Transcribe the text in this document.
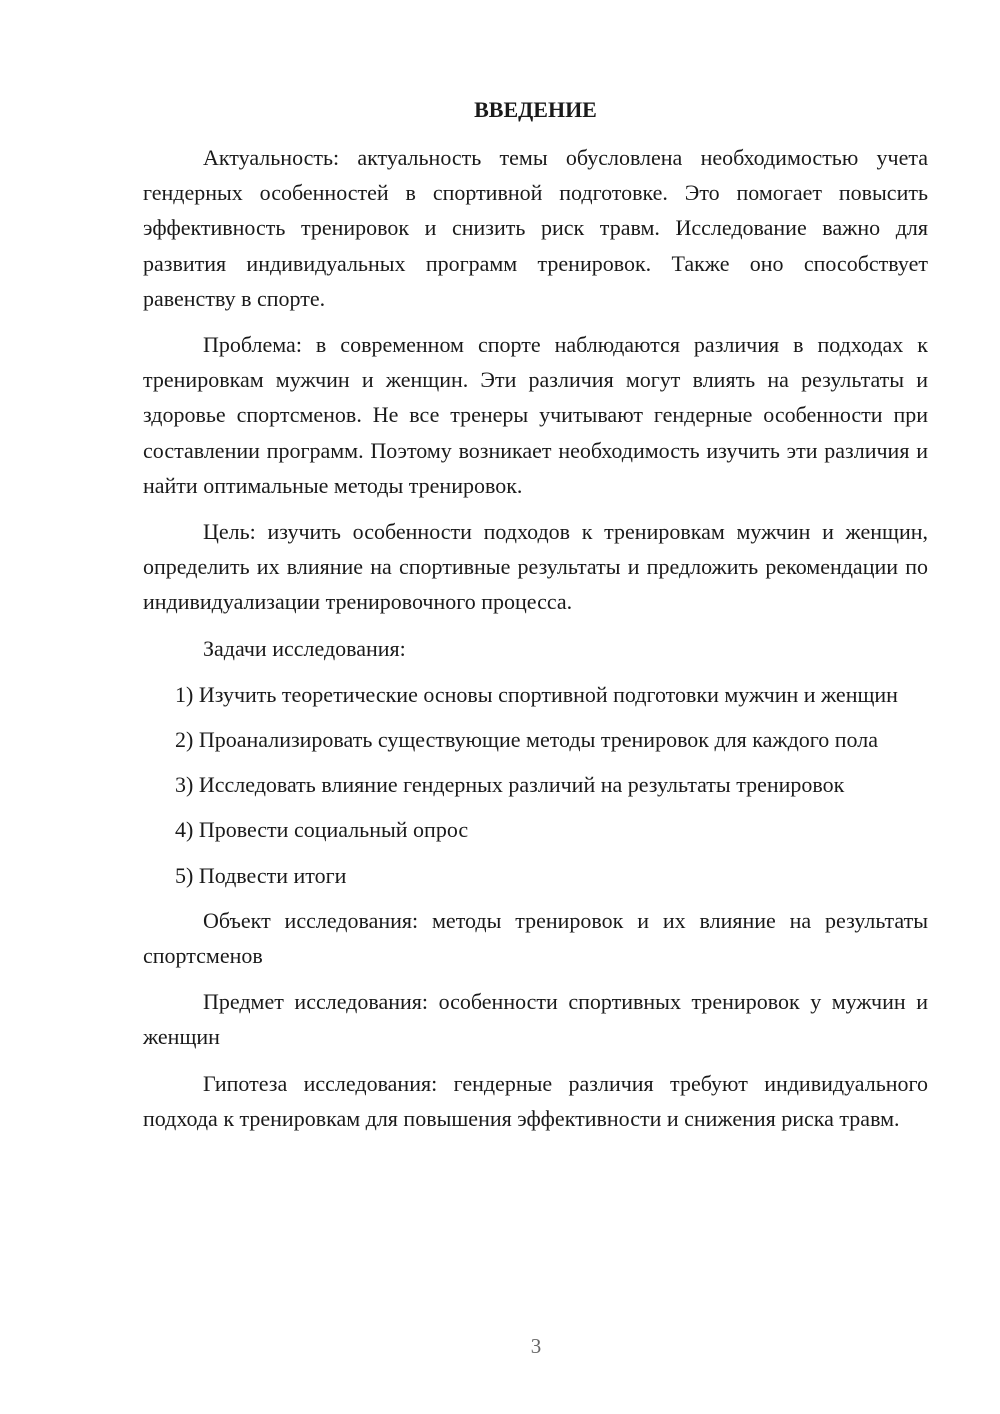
ВВЕДЕНИЕ

Актуальность: актуальность темы обусловлена необходимостью учета гендерных особенностей в спортивной подготовке. Это помогает повысить эффективность тренировок и снизить риск травм. Исследование важно для развития индивидуальных программ тренировок. Также оно способствует равенству в спорте.

Проблема: в современном спорте наблюдаются различия в подходах к тренировкам мужчин и женщин. Эти различия могут влиять на результаты и здоровье спортсменов. Не все тренеры учитывают гендерные особенности при составлении программ. Поэтому возникает необходимость изучить эти различия и найти оптимальные методы тренировок.

Цель: изучить особенности подходов к тренировкам мужчин и женщин, определить их влияние на спортивные результаты и предложить рекомендации по индивидуализации тренировочного процесса.

Задачи исследования:

1) Изучить теоретические основы спортивной подготовки мужчин и женщин

2) Проанализировать существующие методы тренировок для каждого пола

3) Исследовать влияние гендерных различий на результаты тренировок

4) Провести социальный опрос

5) Подвести итоги

Объект исследования: методы тренировок и их влияние на результаты спортсменов

Предмет исследования: особенности спортивных тренировок у мужчин и женщин

Гипотеза исследования: гендерные различия требуют индивидуального подхода к тренировкам для повышения эффективности и снижения риска травм.

3
